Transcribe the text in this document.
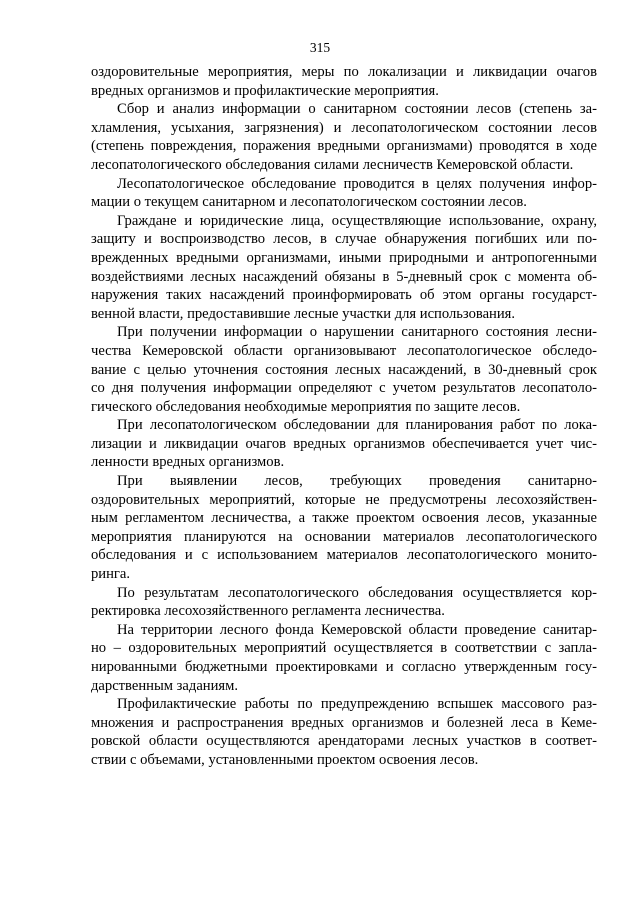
315
оздоровительные мероприятия, меры по локализации и ликвидации очагов
вредных организмов и профилактические мероприятия.
Сбор и анализ информации о санитарном состоянии лесов (степень за-
хламления, усыхания, загрязнения) и лесопатологическом состоянии лесов
(степень повреждения, поражения вредными организмами) проводятся в ходе
лесопатологического обследования силами лесничеств Кемеровской области.
Лесопатологическое обследование проводится в целях получения инфор-
мации о текущем санитарном и лесопатологическом состоянии лесов.
Граждане и юридические лица, осуществляющие использование, охрану,
защиту и воспроизводство лесов, в случае обнаружения погибших или по-
врежденных вредными организмами, иными природными и антропогенными
воздействиями лесных насаждений обязаны в 5-дневный срок с момента об-
наружения таких насаждений проинформировать об этом органы государст-
венной власти, предоставившие лесные участки для использования.
При получении информации о нарушении санитарного состояния лесни-
чества Кемеровской области организовывают лесопатологическое обследо-
вание с целью уточнения состояния лесных насаждений, в 30-дневный срок
со дня получения информации определяют с учетом результатов лесопатоло-
гического обследования необходимые мероприятия по защите лесов.
При лесопатологическом обследовании для планирования работ по лока-
лизации и ликвидации очагов вредных организмов обеспечивается учет чис-
ленности вредных организмов.
При выявлении лесов, требующих проведения санитарно-
оздоровительных мероприятий, которые не предусмотрены лесохозяйствен-
ным регламентом лесничества, а также проектом освоения лесов, указанные
мероприятия планируются на основании материалов лесопатологического
обследования и с использованием материалов лесопатологического монито-
ринга.
По результатам лесопатологического обследования осуществляется кор-
ректировка лесохозяйственного регламента лесничества.
На территории лесного фонда Кемеровской области проведение санитар-
но – оздоровительных мероприятий осуществляется в соответствии с запла-
нированными бюджетными проектировками и согласно утвержденным госу-
дарственным заданиям.
Профилактические работы по предупреждению вспышек массового раз-
множения и распространения вредных организмов и болезней леса в Кеме-
ровской области осуществляются арендаторами лесных участков в соответ-
ствии с объемами, установленными проектом освоения лесов.
